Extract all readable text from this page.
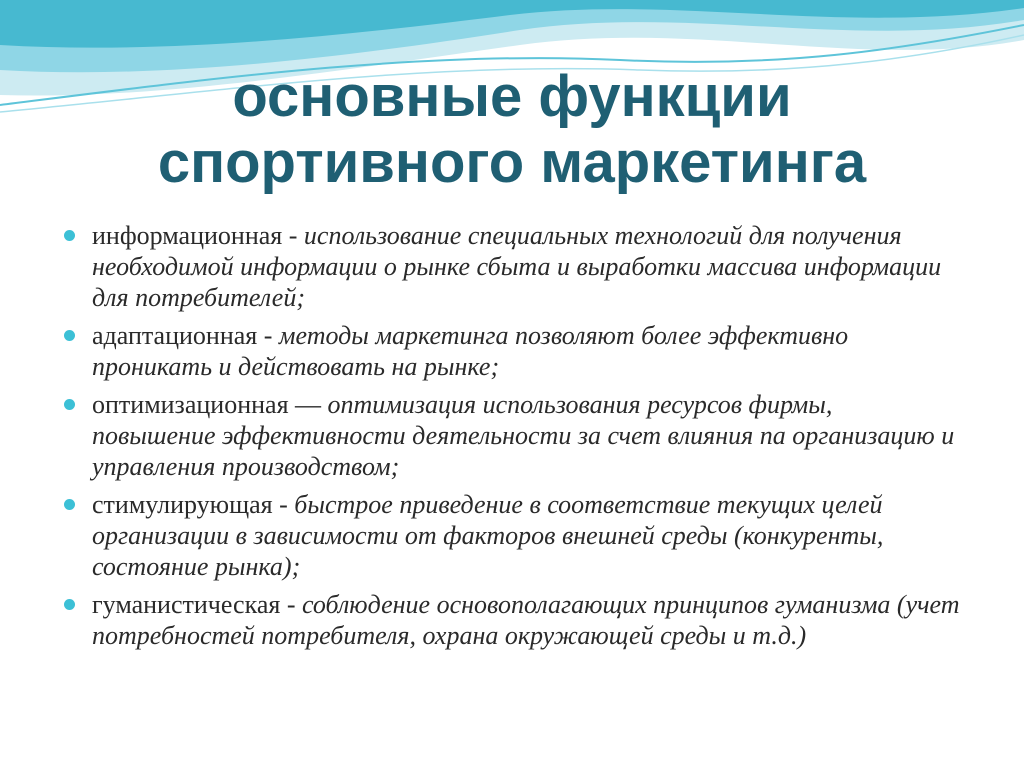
основные функции
спортивного маркетинга
информационная - использование специальных технологий для получения необходимой информации о рынке сбыта и выработки массива информации для потребителей;
адаптационная - методы маркетинга позволяют более эффективно проникать и действовать на рынке;
оптимизационная — оптимизация использования ресурсов фирмы, повышение эффективности деятельности за счет влияния па организацию и управления производством;
стимулирующая - быстрое приведение в соответствие текущих целей организации в зависимости от факторов внешней среды (конкуренты, состояние рынка);
гуманистическая - соблюдение основополагающих принципов гуманизма (учет потребностей потребителя, охрана окружающей среды и т.д.)
